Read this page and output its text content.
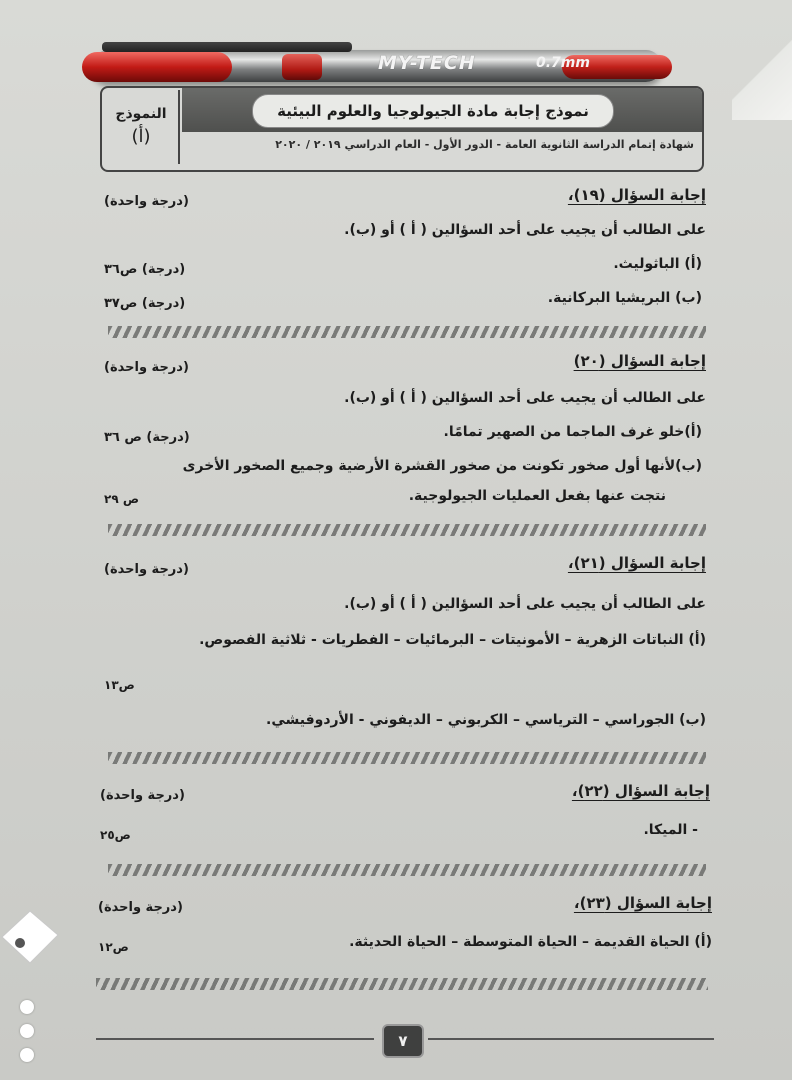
MY-TECH	0.7mm
نموذج إجابة مادة الجيولوجيا والعلوم البيئية
شهادة إتمام الدراسة الثانوية العامة - الدور الأول - العام الدراسي ٢٠١٩ / ٢٠٢٠
النموذج
(أ)
إجابة السؤال (١٩)،
(درجة واحدة)
على الطالب أن يجيب على أحد السؤالين ( أ ) أو (ب).
(أ) الباثوليث.
(درجة) ص٣٦
(ب) البريشيا البركانية.
(درجة) ص٣٧
إجابة السؤال (٢٠)
(درجة واحدة)
على الطالب أن يجيب على أحد السؤالين ( أ ) أو (ب).
(أ)خلو غرف الماجما من الصهير تمامًا.
(درجة) ص ٣٦
(ب)لأنها أول صخور تكونت من صخور القشرة الأرضية وجميع الصخور الأخرى
نتجت عنها بفعل العمليات الجيولوجية.
ص ٢٩
إجابة السؤال (٢١)،
(درجة واحدة)
على الطالب أن يجيب على أحد السؤالين ( أ ) أو (ب).
(أ) النباتات الزهرية – الأمونيتات – البرمائيات – الفطريات - ثلاثية الفصوص.
ص١٣
(ب) الجوراسي – الترياسي – الكربوني – الديفوني - الأردوفيشي.
إجابة السؤال (٢٢)،
(درجة واحدة)
- الميكا.
ص٢٥
إجابة السؤال (٢٣)،
(درجة واحدة)
(أ) الحياة القديمة – الحياة المتوسطة – الحياة الحديثة.
ص١٢
٧
